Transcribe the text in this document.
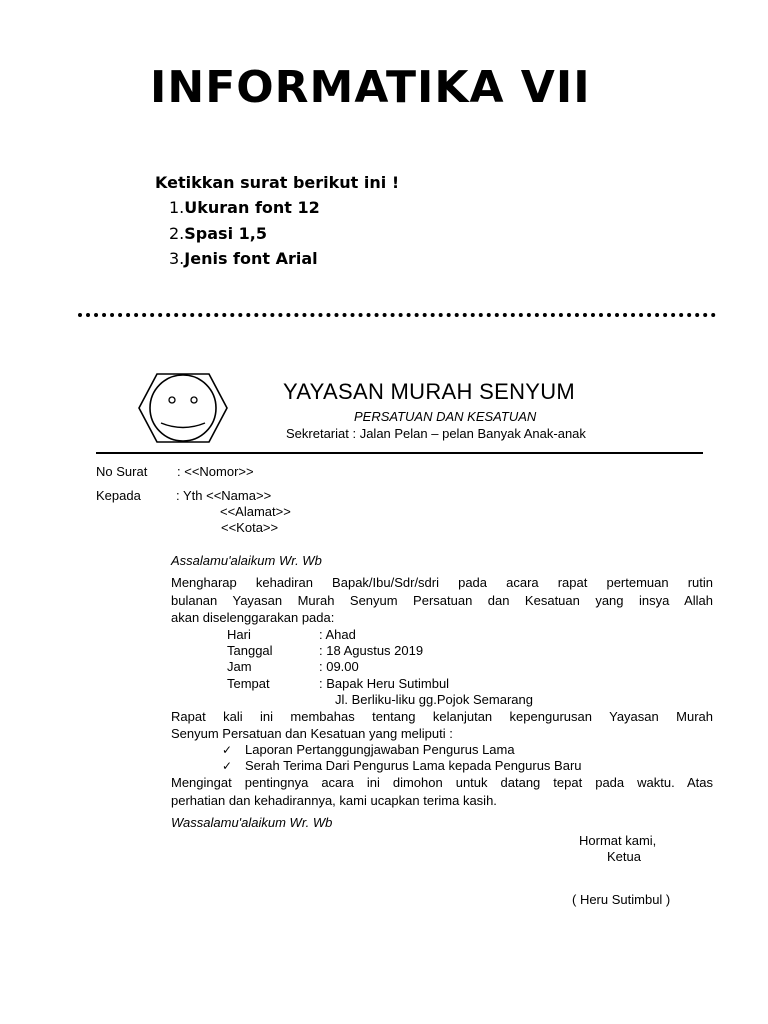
INFORMATIKA VII
Ketikkan surat berikut ini !
1.Ukuran font 12
2.Spasi 1,5
3.Jenis font Arial
YAYASAN MURAH SENYUM
PERSATUAN DAN KESATUAN
Sekretariat : Jalan Pelan – pelan Banyak Anak-anak
No Surat : <<Nomor>>
Kepada	: Yth <<Nama>>
<<Alamat>>
<<Kota>>
Assalamu'alaikum Wr. Wb
Mengharap kehadiran Bapak/Ibu/Sdr/sdri pada acara rapat pertemuan rutin
bulanan Yayasan Murah Senyum Persatuan dan Kesatuan yang insya Allah
akan diselenggarakan pada:
Hari	: Ahad
Tanggal	: 18 Agustus 2019
Jam	: 09.00
Tempat	: Bapak Heru Sutimbul
Jl. Berliku-liku gg.Pojok Semarang
Rapat kali ini membahas tentang kelanjutan kepengurusan Yayasan Murah
Senyum Persatuan dan Kesatuan yang meliputi :
✓ Laporan Pertanggungjawaban Pengurus Lama
✓ Serah Terima Dari Pengurus Lama kepada Pengurus Baru
Mengingat pentingnya acara ini dimohon untuk datang tepat pada waktu. Atas
perhatian dan kehadirannya, kami ucapkan terima kasih.
Wassalamu'alaikum Wr. Wb
Hormat kami,
Ketua
( Heru Sutimbul )
